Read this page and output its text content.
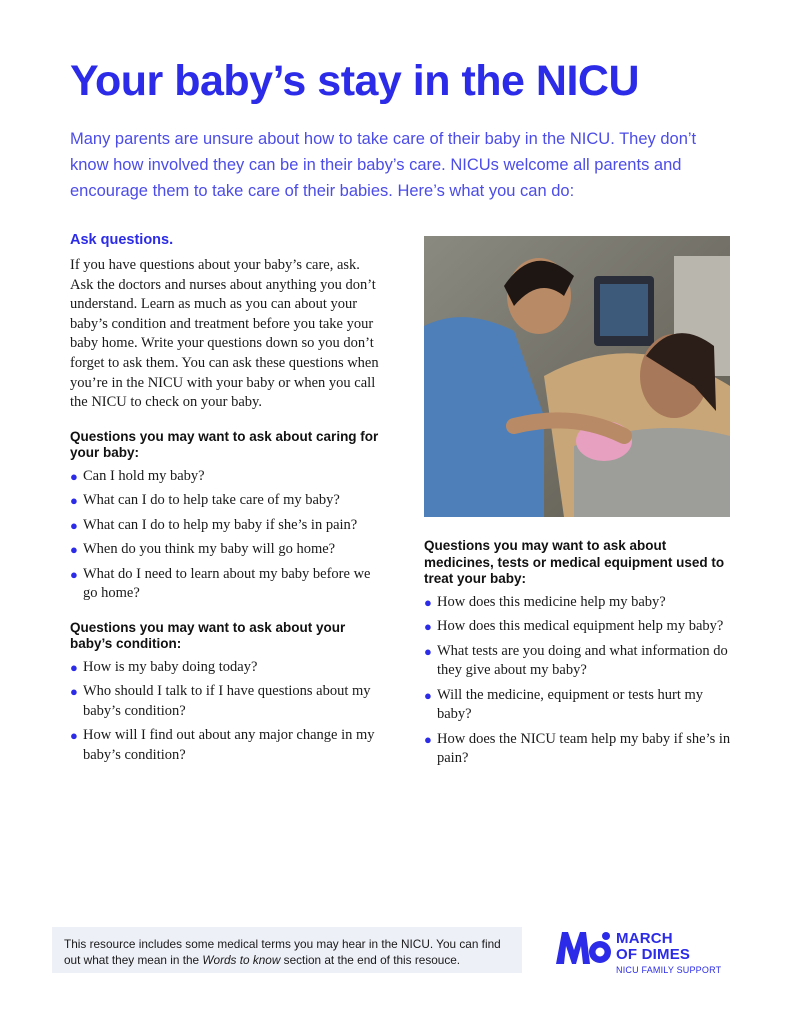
Your baby’s stay in the NICU

Many parents are unsure about how to take care of their baby in the NICU. They don’t know how involved they can be in their baby’s care. NICUs welcome all parents and encourage them to take care of their babies. Here’s what you can do:

Ask questions.

If you have questions about your baby’s care, ask. Ask the doctors and nurses about anything you don’t understand. Learn as much as you can about your baby’s condition and treatment before you take your baby home. Write your questions down so you don’t forget to ask them. You can ask these questions when you’re in the NICU with your baby or when you call the NICU to check on your baby.

Questions you may want to ask about caring for your baby:
● Can I hold my baby?
● What can I do to help take care of my baby?
● What can I do to help my baby if she’s in pain?
● When do you think my baby will go home?
● What do I need to learn about my baby before we go home?
Questions you may want to ask about your baby’s condition:
● How is my baby doing today?
● Who should I talk to if I have questions about my baby’s condition?
● How will I find out about any major change in my baby’s condition?
Questions you may want to ask about medicines, tests or medical equipment used to treat your baby:
● How does this medicine help my baby?
● How does this medical equipment help my baby?
● What tests are you doing and what information do they give about my baby?
● Will the medicine, equipment or tests hurt my baby?
● How does the NICU team help my baby if she’s in pain?
This resource includes some medical terms you may hear in the NICU. You can find out what they mean in the Words to know section at the end of this resouce.
MARCH
OF DIMES
NICU FAMILY SUPPORT
